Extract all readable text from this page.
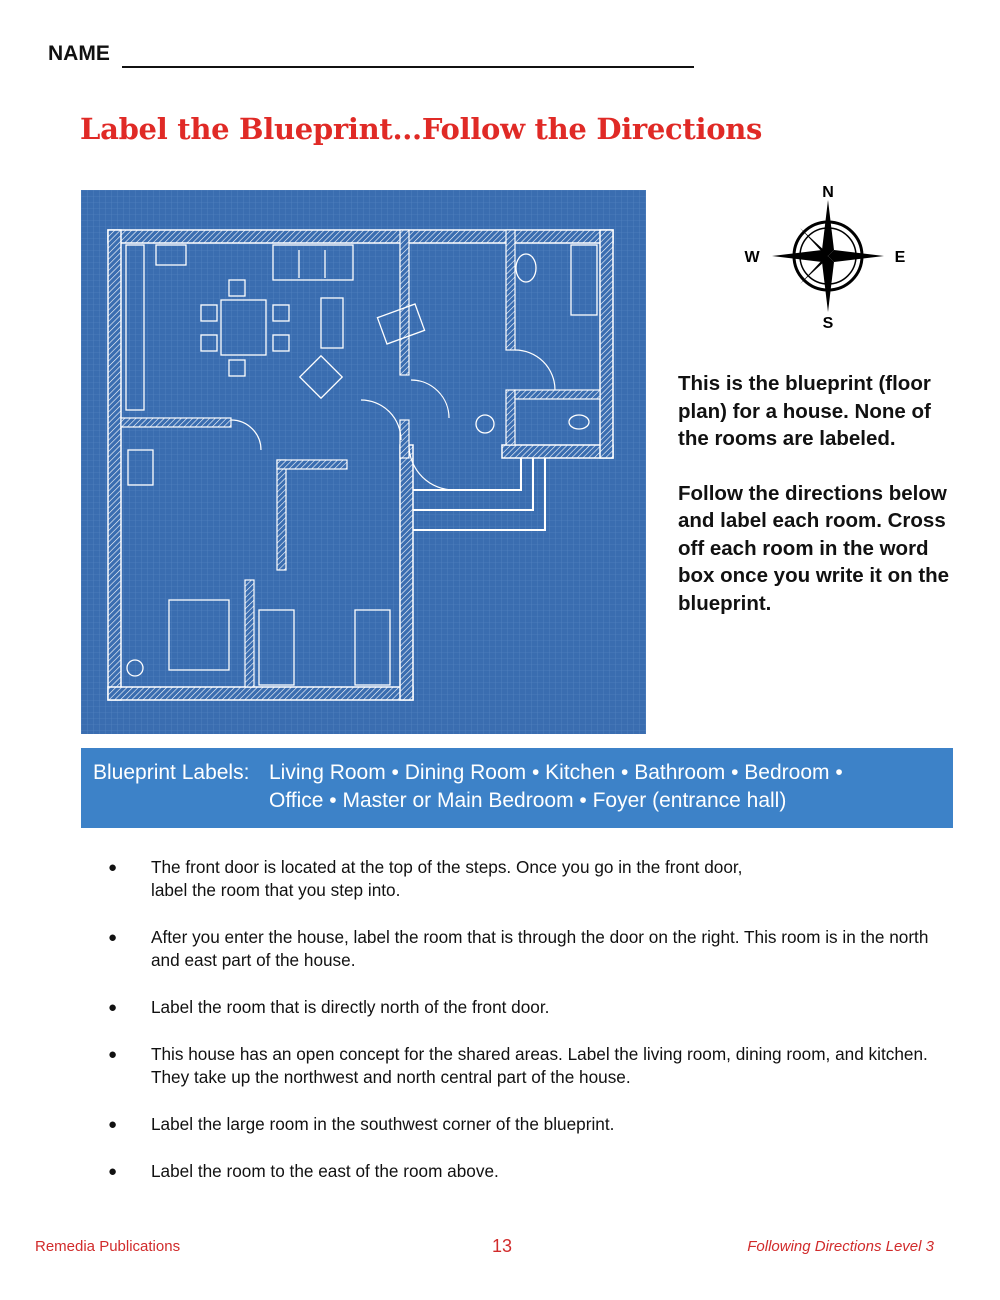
NAME
Label the Blueprint...Follow the Directions
N
S
W	E

This is the blueprint (floor plan) for a house. None of the rooms are labeled.

Follow the directions below and label each room. Cross off each room in the word box once you write it on the blueprint.

Blueprint Labels: Living Room • Dining Room • Kitchen • Bathroom • Bedroom •
Office • Master or Main Bedroom • Foyer (entrance hall)
● The front door is located at the top of the steps. Once you go in the front door,
label the room that you step into.
● After you enter the house, label the room that is through the door on the right. This room is in the north and east part of the house.
● Label the room that is directly north of the front door.
● This house has an open concept for the shared areas. Label the living room, dining room, and kitchen. They take up the northwest and north central part of the house.
● Label the large room in the southwest corner of the blueprint.
● Label the room to the east of the room above.
Remedia Publications	13	Following Directions Level 3
